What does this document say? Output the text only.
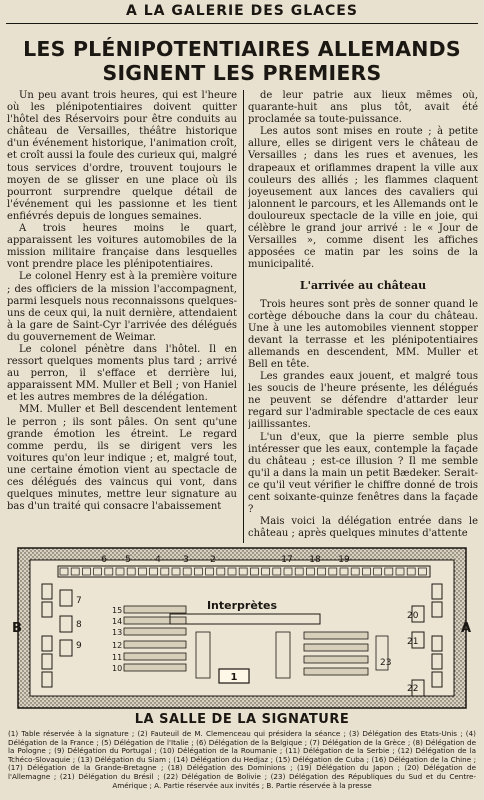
A LA GALERIE DES GLACES
LES PLÉNIPOTENTIAIRES ALLEMANDS
SIGNENT LES PREMIERS

Un peu avant trois heures, qui est l'heure où les plénipotentiaires doivent quitter l'hôtel des Réservoirs pour être conduits au château de Versailles, théâtre historique d'un événement historique, l'animation croît, et croît aussi la foule des curieux qui, malgré tous services d'ordre, trouvent toujours le moyen de se glisser en une place où ils pourront surprendre quelque détail de l'événement qui les passionne et les tient enfiévrés depuis de longues semaines.

A trois heures moins le quart, apparaissent les voitures automobiles de la mission militaire française dans lesquelles vont prendre place les plénipotentiaires.

Le colonel Henry est à la première voiture ; des officiers de la mission l'accompagnent, parmi lesquels nous reconnaissons quelques-uns de ceux qui, la nuit dernière, attendaient à la gare de Saint-Cyr l'arrivée des délégués du gouvernement de Weimar.

Le colonel pénètre dans l'hôtel. Il en ressort quelques moments plus tard ; arrivé au perron, il s'efface et derrière lui, apparaissent MM. Muller et Bell ; von Haniel et les autres membres de la délégation.

MM. Muller et Bell descendent lentement le perron ; ils sont pâles. On sent qu'une grande émotion les étreint. Le regard comme perdu, ils se dirigent vers les voitures qu'on leur indique ; et, malgré tout, une certaine émotion vient au spectacle de ces délégués des vaincus qui vont, dans quelques minutes, mettre leur signature au bas d'un traité qui consacre l'abaissement

de leur patrie aux lieux mêmes où, quarante-huit ans plus tôt, avait été proclamée sa toute-puissance.

Les autos sont mises en route ; à petite allure, elles se dirigent vers le château de Versailles ; dans les rues et avenues, les drapeaux et oriflammes drapent la ville aux couleurs des alliés ; les flammes claquent joyeusement aux lances des cavaliers qui jalonnent le parcours, et les Allemands ont le douloureux spectacle de la ville en joie, qui célèbre le grand jour arrivé : le « Jour de Versailles », comme disent les affiches apposées ce matin par les soins de la municipalité.

L'arrivée au château

Trois heures sont près de sonner quand le cortège débouche dans la cour du château. Une à une les automobiles viennent stopper devant la terrasse et les plénipotentiaires allemands en descendent, MM. Muller et Bell en tête.

Les grandes eaux jouent, et malgré tous les soucis de l'heure présente, les délégués ne peuvent se défendre d'attarder leur regard sur l'admirable spectacle de ces eaux jaillissantes.

L'un d'eux, que la pierre semble plus intéresser que les eaux, contemple la façade du château ; est-ce illusion ? Il me semble qu'il a dans la main un petit Bædeker. Serait-ce qu'il veut vérifier le chiffre donné de trois cent soixante-quinze fenêtres dans la façade ?

Mais voici la délégation entrée dans le château ; après quelques minutes d'attente

6 5	4 3 2	17 18 19
B	A
7
8
9
15
14
13
12
11
10
Interprètes
1
20
21
23
22
LA SALLE DE LA SIGNATURE
(1) Table réservée à la signature ; (2) Fauteuil de M. Clemenceau qui présidera la séance ; (3) Délégation des Etats-Unis ; (4) Délégation de la France ; (5) Délégation de l'Italie ; (6) Délégation de la Belgique ; (7) Délégation de la Grèce ; (8) Délégation de la Pologne ; (9) Délégation du Portugal ; (10) Délégation de la Roumanie ; (11) Délégation de la Serbie ; (12) Délégation de la Tchéco-Slovaquie ; (13) Délégation du Siam ; (14) Délégation du Hedjaz ; (15) Délégation de Cuba ; (16) Délégation de la Chine ; (17) Délégation de la Grande-Bretagne ; (18) Délégation des Dominions ; (19) Délégation du Japon ; (20) Délégation de l'Allemagne ; (21) Délégation du Brésil ; (22) Délégation de Bolivie ; (23) Délégation des Républiques du Sud et du Centre-Amérique ; A. Partie réservée aux invités ; B. Partie réservée à la presse
